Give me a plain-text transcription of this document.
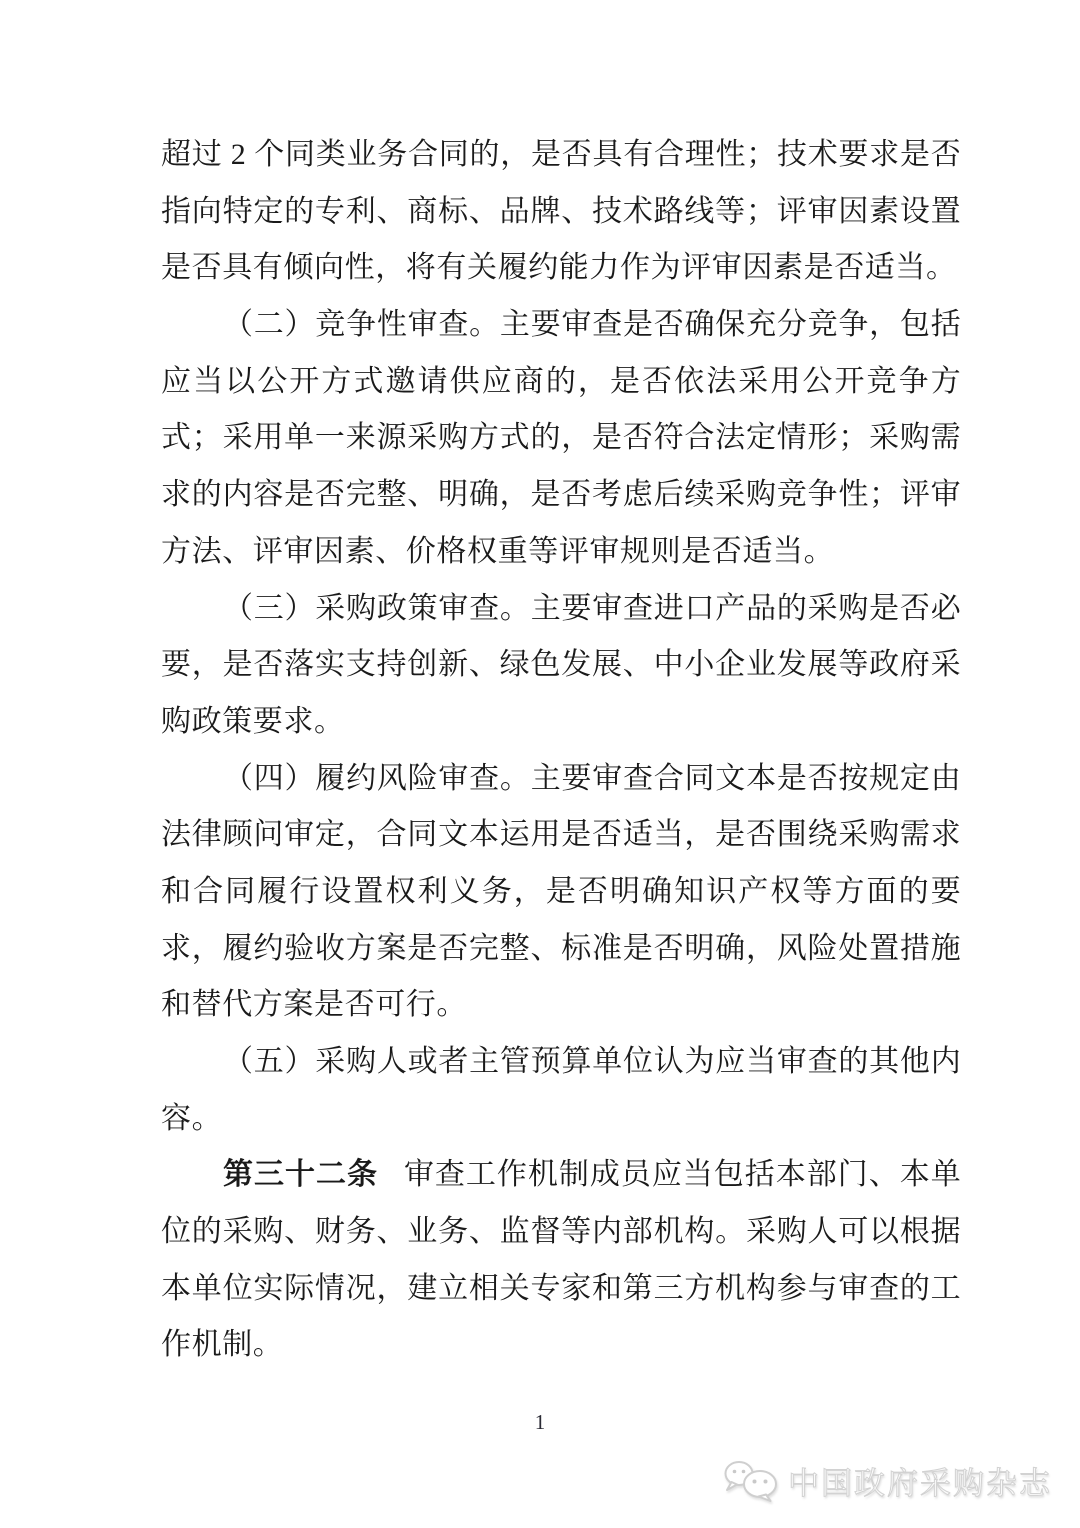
超过 2 个同类业务合同的，是否具有合理性；技术要求是否
指向特定的专利、商标、品牌、技术路线等；评审因素设置
是否具有倾向性，将有关履约能力作为评审因素是否适当。
（二）竞争性审查。主要审查是否确保充分竞争，包括
应当以公开方式邀请供应商的，是否依法采用公开竞争方
式；采用单一来源采购方式的，是否符合法定情形；采购需
求的内容是否完整、明确，是否考虑后续采购竞争性；评审
方法、评审因素、价格权重等评审规则是否适当。
（三）采购政策审查。主要审查进口产品的采购是否必
要，是否落实支持创新、绿色发展、中小企业发展等政府采
购政策要求。
（四）履约风险审查。主要审查合同文本是否按规定由
法律顾问审定，合同文本运用是否适当，是否围绕采购需求
和合同履行设置权利义务，是否明确知识产权等方面的要
求，履约验收方案是否完整、标准是否明确，风险处置措施
和替代方案是否可行。
（五）采购人或者主管预算单位认为应当审查的其他内
容。
第三十二条 审查工作机制成员应当包括本部门、本单
位的采购、财务、业务、监督等内部机构。采购人可以根据
本单位实际情况，建立相关专家和第三方机构参与审查的工
作机制。
1
中国政府采购杂志
